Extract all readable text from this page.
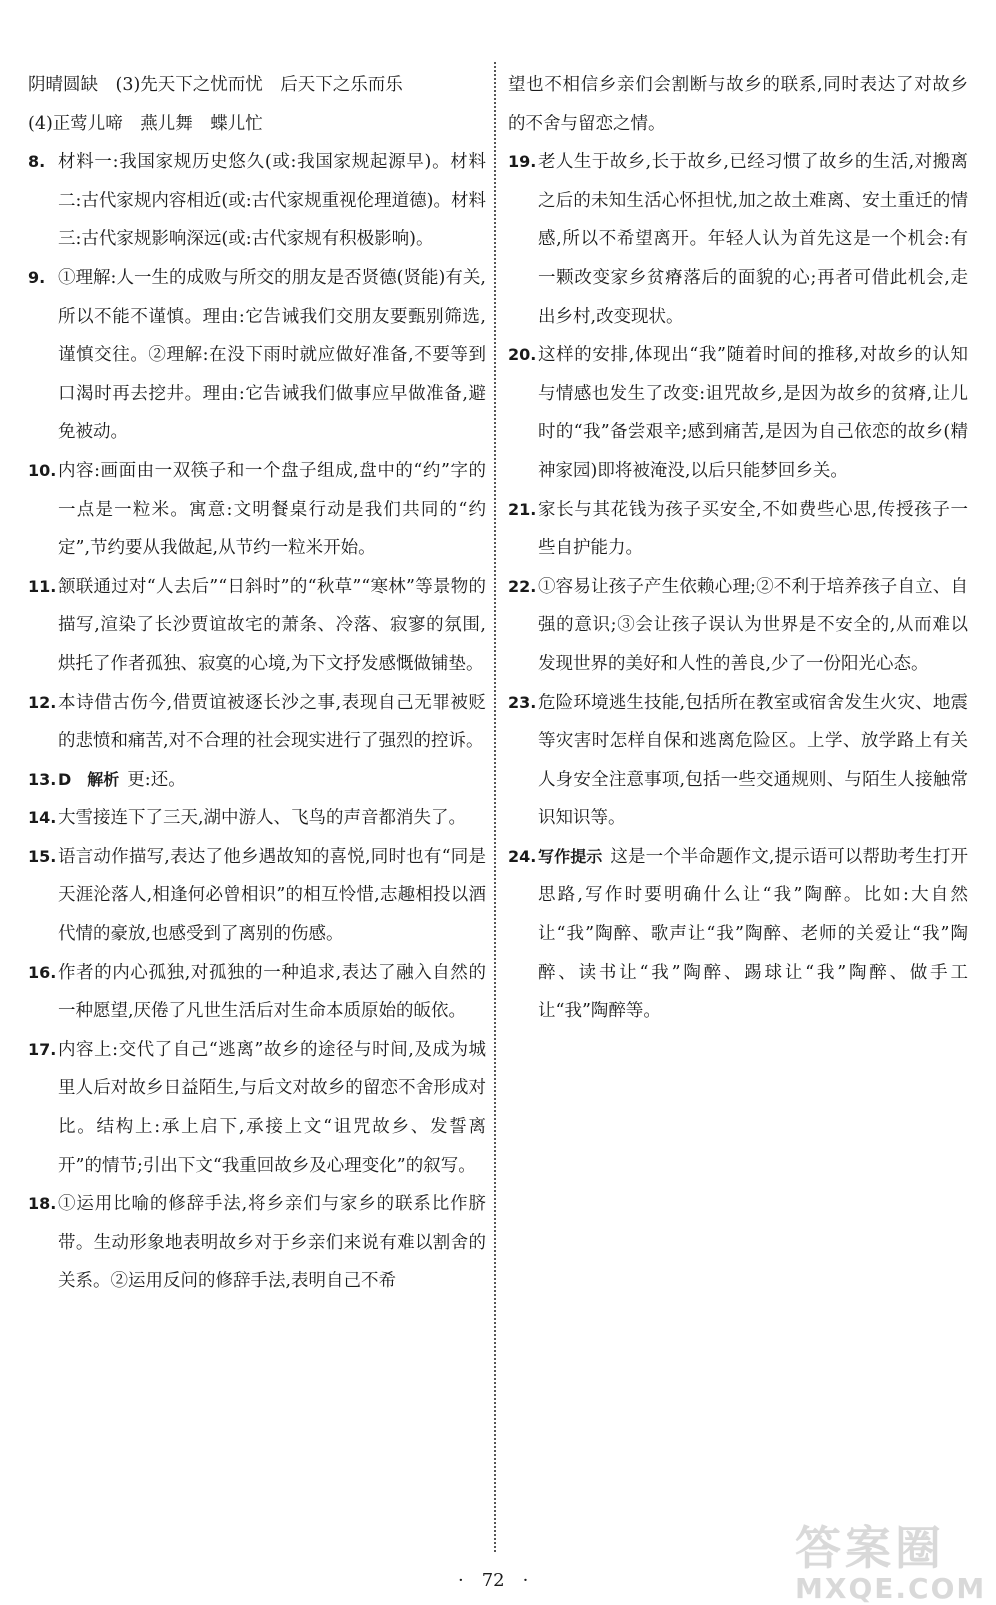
阴晴圆缺　(3)先天下之忧而忧　后天下之乐而乐
(4)正莺儿啼　燕儿舞　蝶儿忙
8. 材料一:我国家规历史悠久(或:我国家规起源早)。材料二:古代家规内容相近(或:古代家规重视伦理道德)。材料三:古代家规影响深远(或:古代家规有积极影响)。
9. ①理解:人一生的成败与所交的朋友是否贤德(贤能)有关,所以不能不谨慎。理由:它告诫我们交朋友要甄别筛选,谨慎交往。②理解:在没下雨时就应做好准备,不要等到口渴时再去挖井。理由:它告诫我们做事应早做准备,避免被动。
10. 内容:画面由一双筷子和一个盘子组成,盘中的“约”字的一点是一粒米。寓意:文明餐桌行动是我们共同的“约定”,节约要从我做起,从节约一粒米开始。
11. 颔联通过对“人去后”“日斜时”的“秋草”“寒林”等景物的描写,渲染了长沙贾谊故宅的萧条、冷落、寂寥的氛围,烘托了作者孤独、寂寞的心境,为下文抒发感慨做铺垫。
12. 本诗借古伤今,借贾谊被逐长沙之事,表现自己无罪被贬的悲愤和痛苦,对不合理的社会现实进行了强烈的控诉。
13. D　解析 更:还。
14. 大雪接连下了三天,湖中游人、飞鸟的声音都消失了。
15. 语言动作描写,表达了他乡遇故知的喜悦,同时也有“同是天涯沦落人,相逢何必曾相识”的相互怜惜,志趣相投以酒代情的豪放,也感受到了离别的伤感。
16. 作者的内心孤独,对孤独的一种追求,表达了融入自然的一种愿望,厌倦了凡世生活后对生命本质原始的皈依。
17. 内容上:交代了自己“逃离”故乡的途径与时间,及成为城里人后对故乡日益陌生,与后文对故乡的留恋不舍形成对比。结构上:承上启下,承接上文“诅咒故乡、发誓离开”的情节;引出下文“我重回故乡及心理变化”的叙写。
18. ①运用比喻的修辞手法,将乡亲们与家乡的联系比作脐带。生动形象地表明故乡对于乡亲们来说有难以割舍的关系。②运用反问的修辞手法,表明自己不希
望也不相信乡亲们会割断与故乡的联系,同时表达了对故乡的不舍与留恋之情。
19. 老人生于故乡,长于故乡,已经习惯了故乡的生活,对搬离之后的未知生活心怀担忧,加之故土难离、安土重迁的情感,所以不希望离开。年轻人认为首先这是一个机会:有一颗改变家乡贫瘠落后的面貌的心;再者可借此机会,走出乡村,改变现状。
20. 这样的安排,体现出“我”随着时间的推移,对故乡的认知与情感也发生了改变:诅咒故乡,是因为故乡的贫瘠,让儿时的“我”备尝艰辛;感到痛苦,是因为自己依恋的故乡(精神家园)即将被淹没,以后只能梦回乡关。
21. 家长与其花钱为孩子买安全,不如费些心思,传授孩子一些自护能力。
22. ①容易让孩子产生依赖心理;②不利于培养孩子自立、自强的意识;③会让孩子误认为世界是不安全的,从而难以发现世界的美好和人性的善良,少了一份阳光心态。
23. 危险环境逃生技能,包括所在教室或宿舍发生火灾、地震等灾害时怎样自保和逃离危险区。上学、放学路上有关人身安全注意事项,包括一些交通规则、与陌生人接触常识知识等。
24. 写作提示 这是一个半命题作文,提示语可以帮助考生打开思路,写作时要明确什么让“我”陶醉。比如:大自然让“我”陶醉、歌声让“我”陶醉、老师的关爱让“我”陶醉、读书让“我”陶醉、踢球让“我”陶醉、做手工让“我”陶醉等。
·　72　·
答案圈
MXQE.COM
